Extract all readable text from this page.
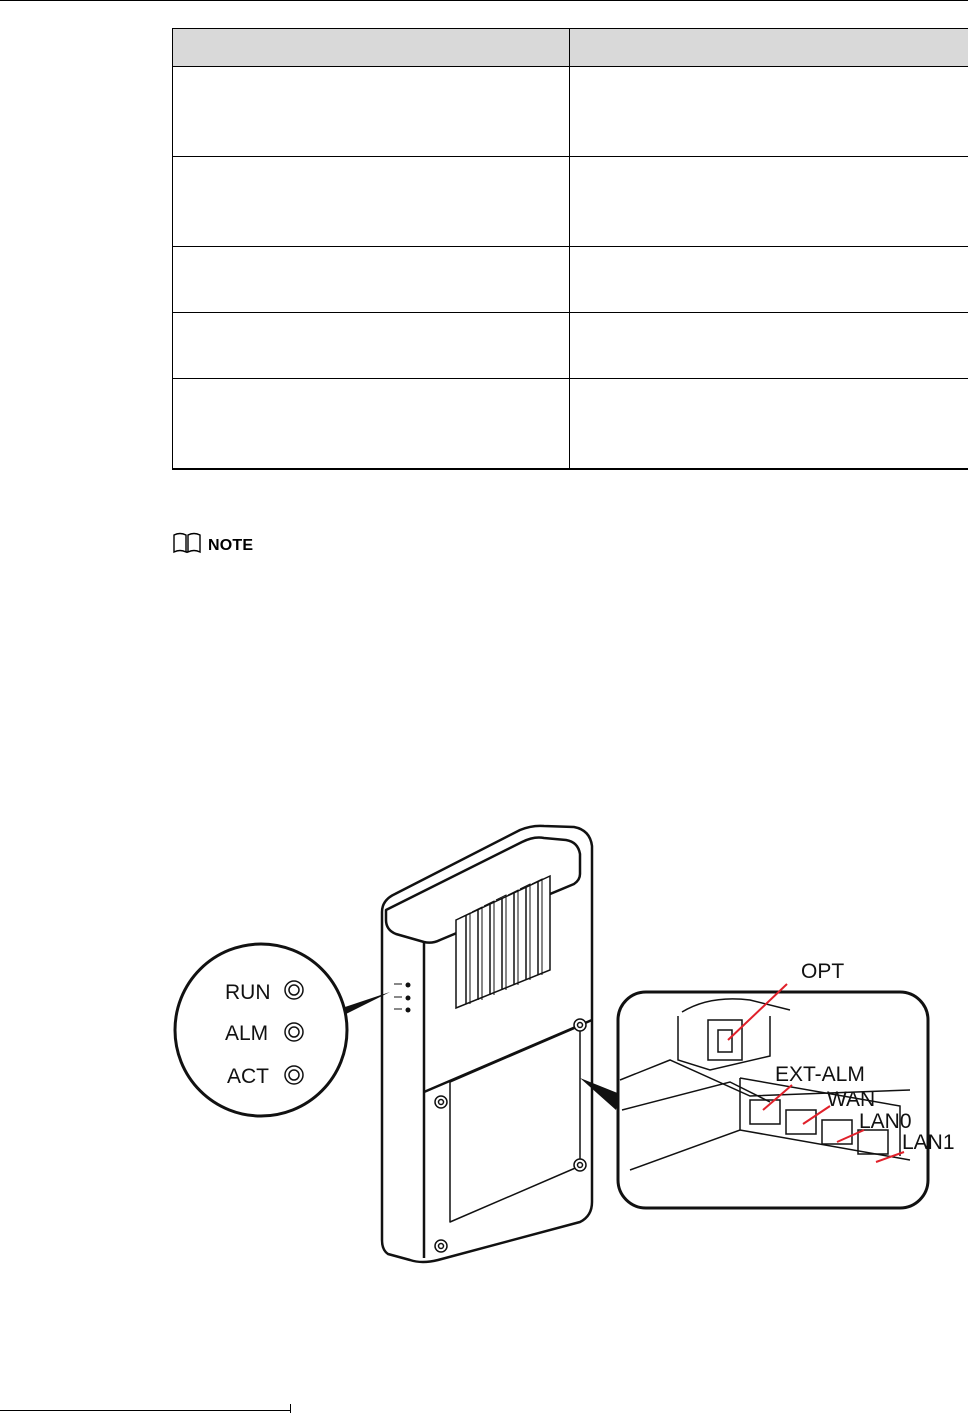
NOTE
RUN
ALM
ACT
OPT
EXT-ALM
WAN
LAN0
LAN1
